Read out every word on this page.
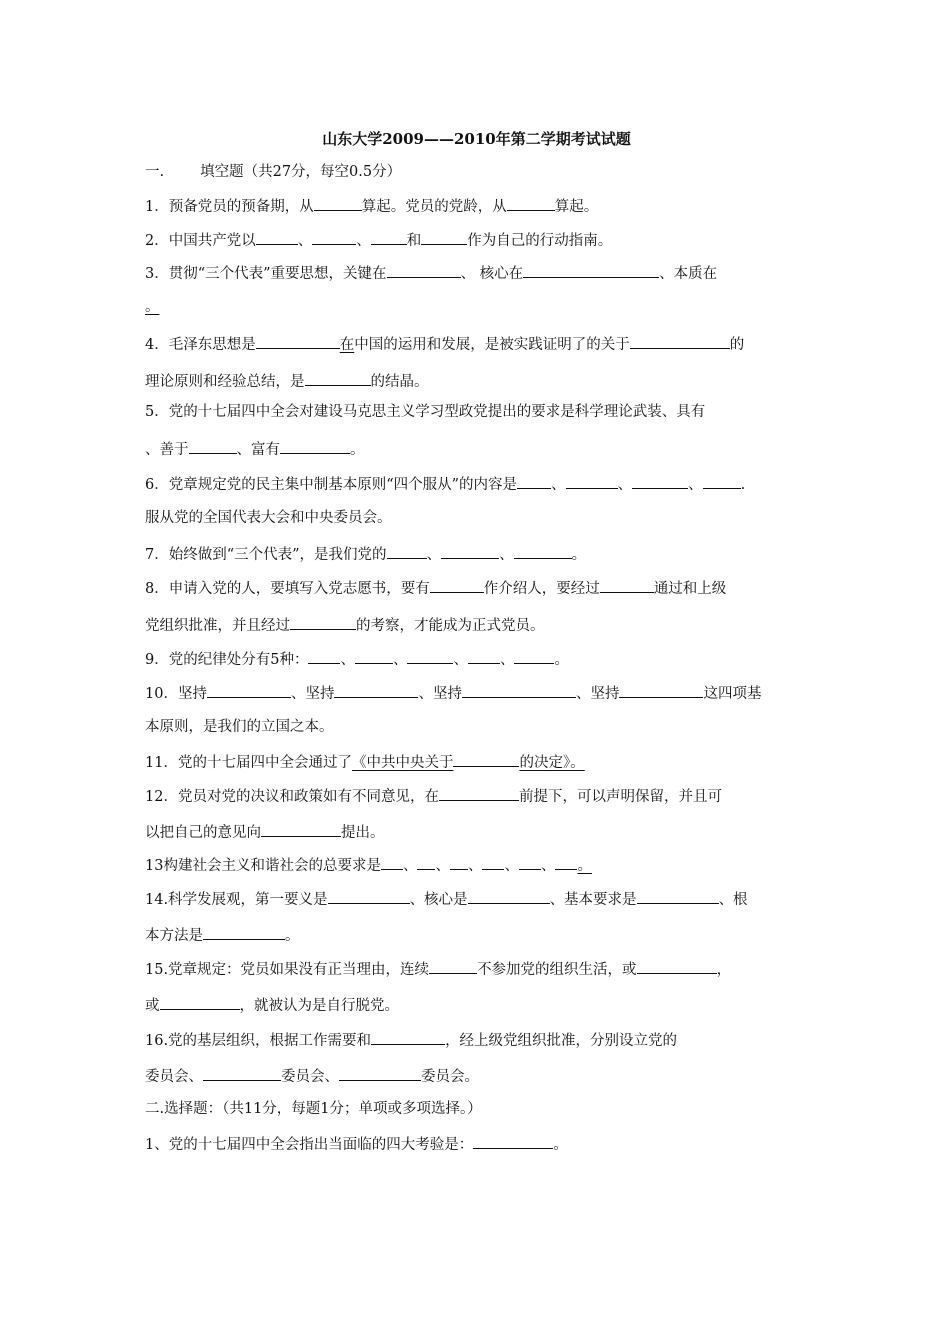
山东大学2009——2010年第二学期考试试题
一. 填空题（共27分，每空0.5分）
1．预备党员的预备期，从	算起。党员的党龄，从	算起。
2．中国共产党以	、	、 和	作为自己的行动指南。
3．贯彻“三个代表”重要思想，关键在	、 核心在	、本质在
。
4．毛泽东思想是	在中国的运用和发展，是被实践证明了的关于	的
理论原则和经验总结，是	的结晶。
5．党的十七届四中全会对建设马克思主义学习型政党提出的要求是科学理论武装、具有
、善于	、富有	。
6．党章规定党的民主集中制基本原则“四个服从”的内容是 、	、	、	.
服从党的全国代表大会和中央委员会。
7．始终做到“三个代表”，是我们党的	、	、	。
8．申请入党的人，要填写入党志愿书，要有	作介绍人，要经过	通过和上级
党组织批准，并且经过	的考察，才能成为正式党员。
9．党的纪律处分有5种： 、	、	、 、	。
10．坚持	、坚持	、坚持	、坚持	这四项基
本原则，是我们的立国之本。
11．党的十七届四中全会通过了《中共中央关于	的决定》。
12．党员对党的决议和政策如有不同意见，在	前提下，可以声明保留，并且可
以把自己的意见向	提出。
13构建社会主义和谐社会的总要求是 、 、 、 、 、 。
14.科学发展观，第一要义是	、核心是	、基本要求是	、根
本方法是	。
15.党章规定：党员如果没有正当理由，连续	不参加党的组织生活，或	，
或	，就被认为是自行脱党。
16.党的基层组织，根据工作需要和	，经上级党组织批准，分别设立党的
委员会、	委员会、	委员会。
二.选择题：（共11分，每题1分；单项或多项选择。）
1、党的十七届四中全会指出当面临的四大考验是：	。
